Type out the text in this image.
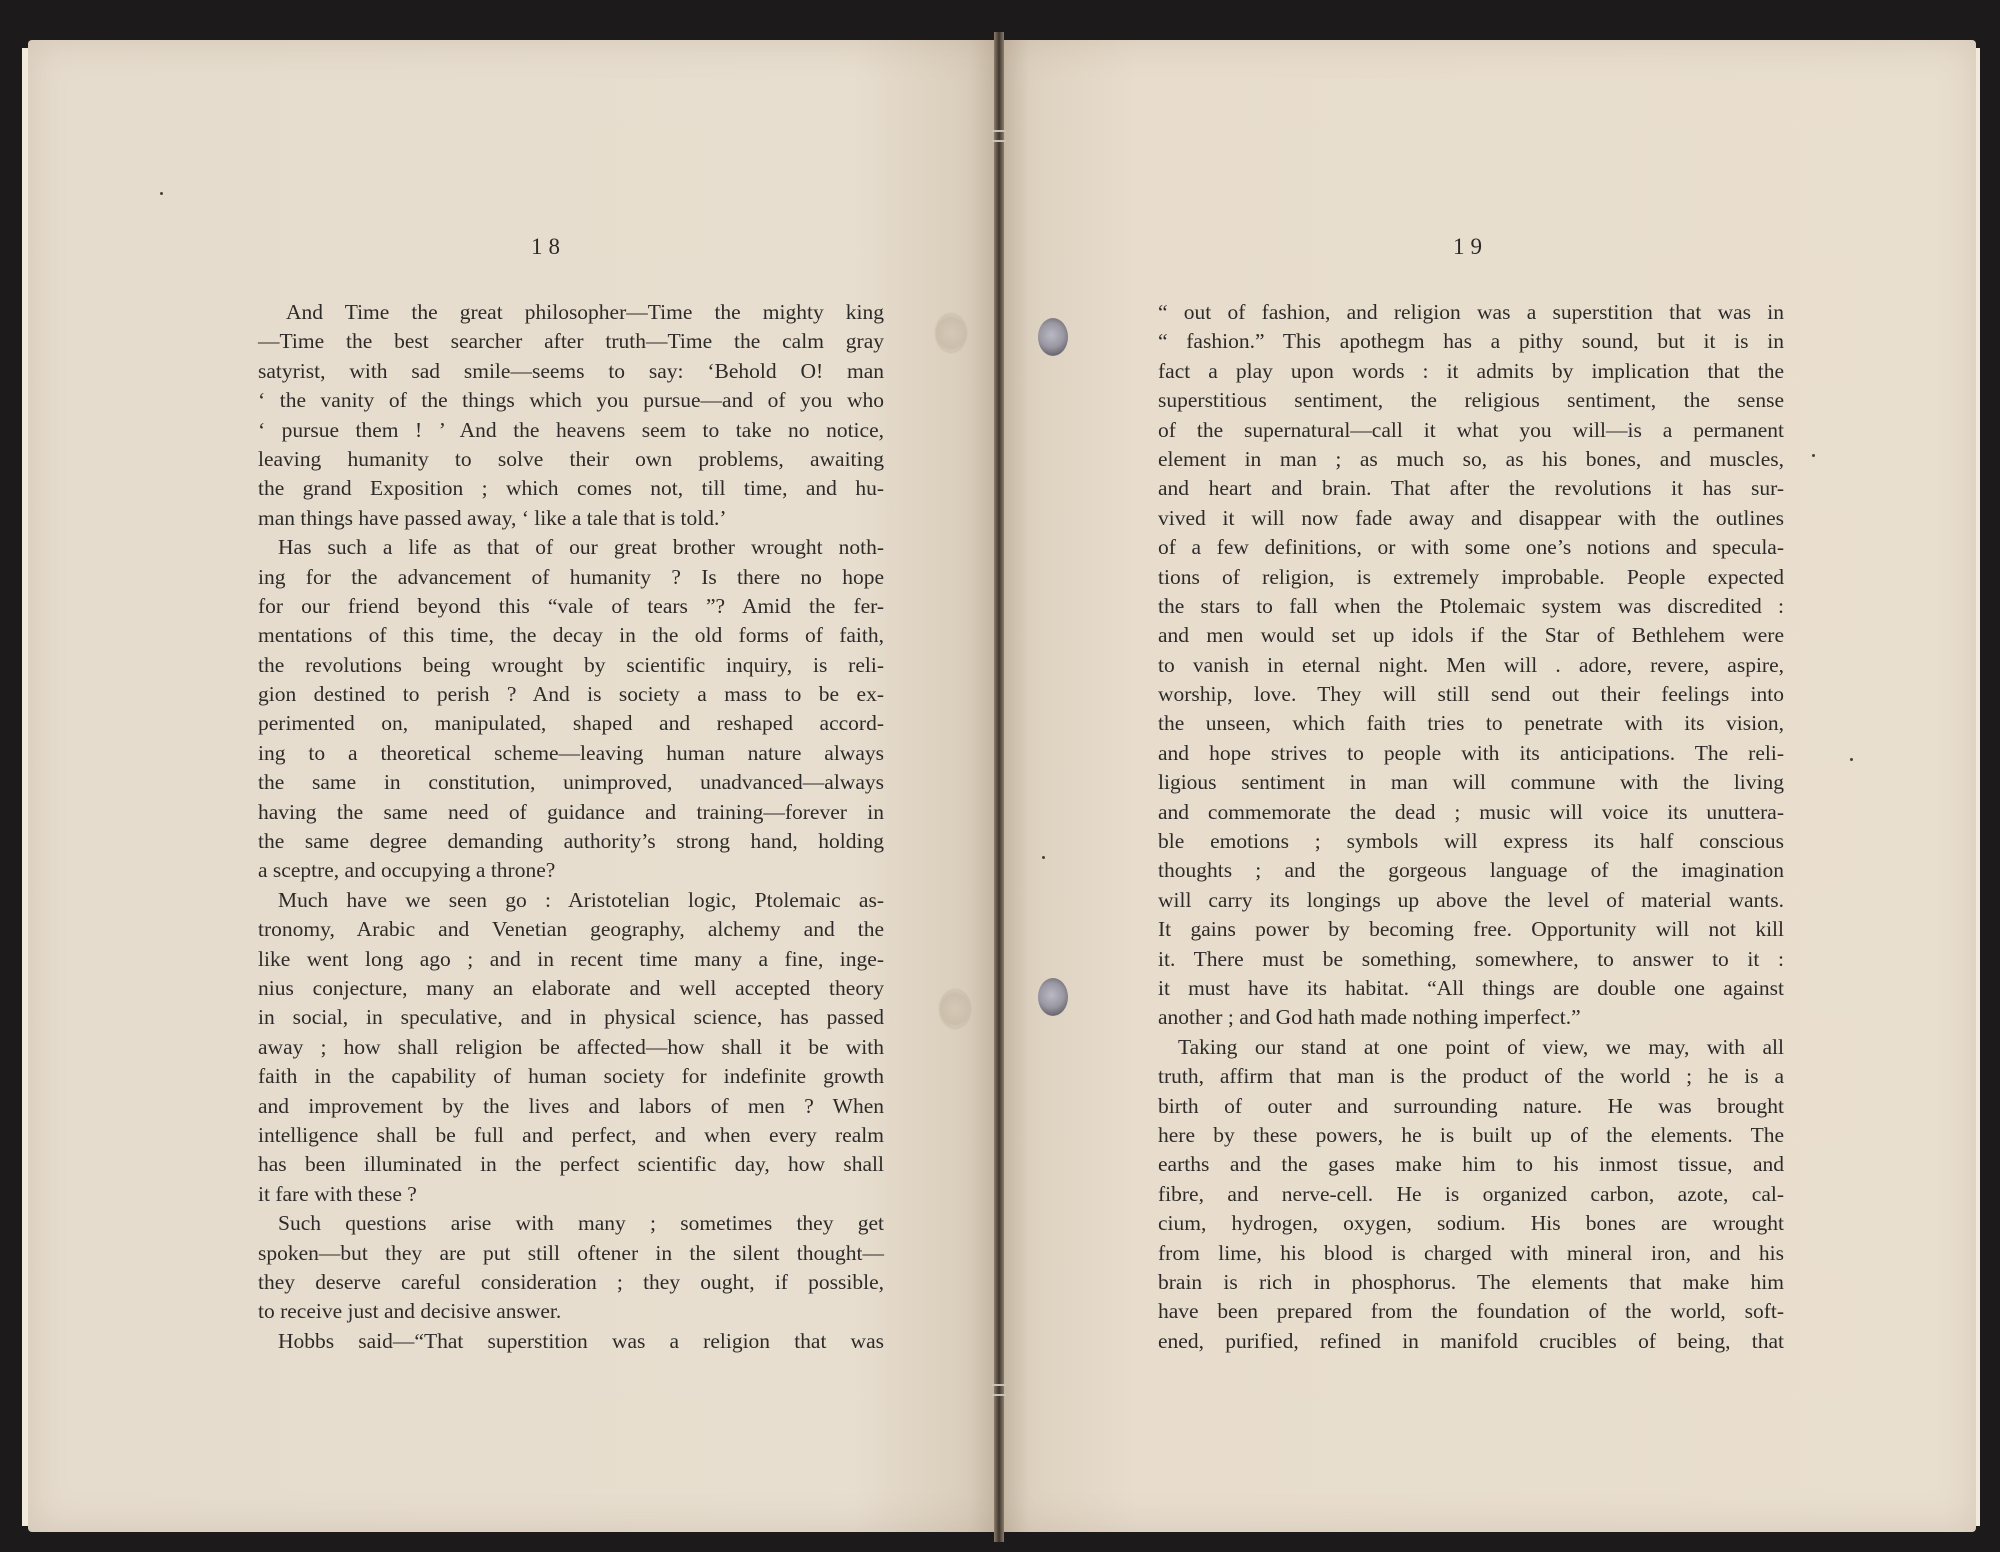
18
And Time the great philosopher—Time the mighty king
—Time the best searcher after truth—Time the calm gray
satyrist, with sad smile—seems to say: ‘Behold O! man
‘ the vanity of the things which you pursue—and of you who
‘ pursue them ! ’ And the heavens seem to take no notice,
leaving humanity to solve their own problems, awaiting
the grand Exposition ; which comes not, till time, and hu-
man things have passed away, ‘ like a tale that is told.’
Has such a life as that of our great brother wrought noth-
ing for the advancement of humanity ? Is there no hope
for our friend beyond this “vale of tears ”? Amid the fer-
mentations of this time, the decay in the old forms of faith,
the revolutions being wrought by scientific inquiry, is reli-
gion destined to perish ? And is society a mass to be ex-
perimented on, manipulated, shaped and reshaped accord-
ing to a theoretical scheme—leaving human nature always
the same in constitution, unimproved, unadvanced—always
having the same need of guidance and training—forever in
the same degree demanding authority’s strong hand, holding
a sceptre, and occupying a throne?
Much have we seen go : Aristotelian logic, Ptolemaic as-
tronomy, Arabic and Venetian geography, alchemy and the
like went long ago ; and in recent time many a fine, inge-
nius conjecture, many an elaborate and well accepted theory
in social, in speculative, and in physical science, has passed
away ; how shall religion be affected—how shall it be with
faith in the capability of human society for indefinite growth
and improvement by the lives and labors of men ? When
intelligence shall be full and perfect, and when every realm
has been illuminated in the perfect scientific day, how shall
it fare with these ?
Such questions arise with many ; sometimes they get
spoken—but they are put still oftener in the silent thought—
they deserve careful consideration ; they ought, if possible,
to receive just and decisive answer.
Hobbs said—“That superstition was a religion that was
19
“ out of fashion, and religion was a superstition that was in
“ fashion.” This apothegm has a pithy sound, but it is in
fact a play upon words : it admits by implication that the
superstitious sentiment, the religious sentiment, the sense
of the supernatural—call it what you will—is a permanent
element in man ; as much so, as his bones, and muscles,
and heart and brain. That after the revolutions it has sur-
vived it will now fade away and disappear with the outlines
of a few definitions, or with some one’s notions and specula-
tions of religion, is extremely improbable. People expected
the stars to fall when the Ptolemaic system was discredited :
and men would set up idols if the Star of Bethlehem were
to vanish in eternal night. Men will . adore, revere, aspire,
worship, love. They will still send out their feelings into
the unseen, which faith tries to penetrate with its vision,
and hope strives to people with its anticipations. The reli-
ligious sentiment in man will commune with the living
and commemorate the dead ; music will voice its unuttera-
ble emotions ; symbols will express its half conscious
thoughts ; and the gorgeous language of the imagination
will carry its longings up above the level of material wants.
It gains power by becoming free. Opportunity will not kill
it. There must be something, somewhere, to answer to it :
it must have its habitat. “All things are double one against
another ; and God hath made nothing imperfect.”
Taking our stand at one point of view, we may, with all
truth, affirm that man is the product of the world ; he is a
birth of outer and surrounding nature. He was brought
here by these powers, he is built up of the elements. The
earths and the gases make him to his inmost tissue, and
fibre, and nerve-cell. He is organized carbon, azote, cal-
cium, hydrogen, oxygen, sodium. His bones are wrought
from lime, his blood is charged with mineral iron, and his
brain is rich in phosphorus. The elements that make him
have been prepared from the foundation of the world, soft-
ened, purified, refined in manifold crucibles of being, that
